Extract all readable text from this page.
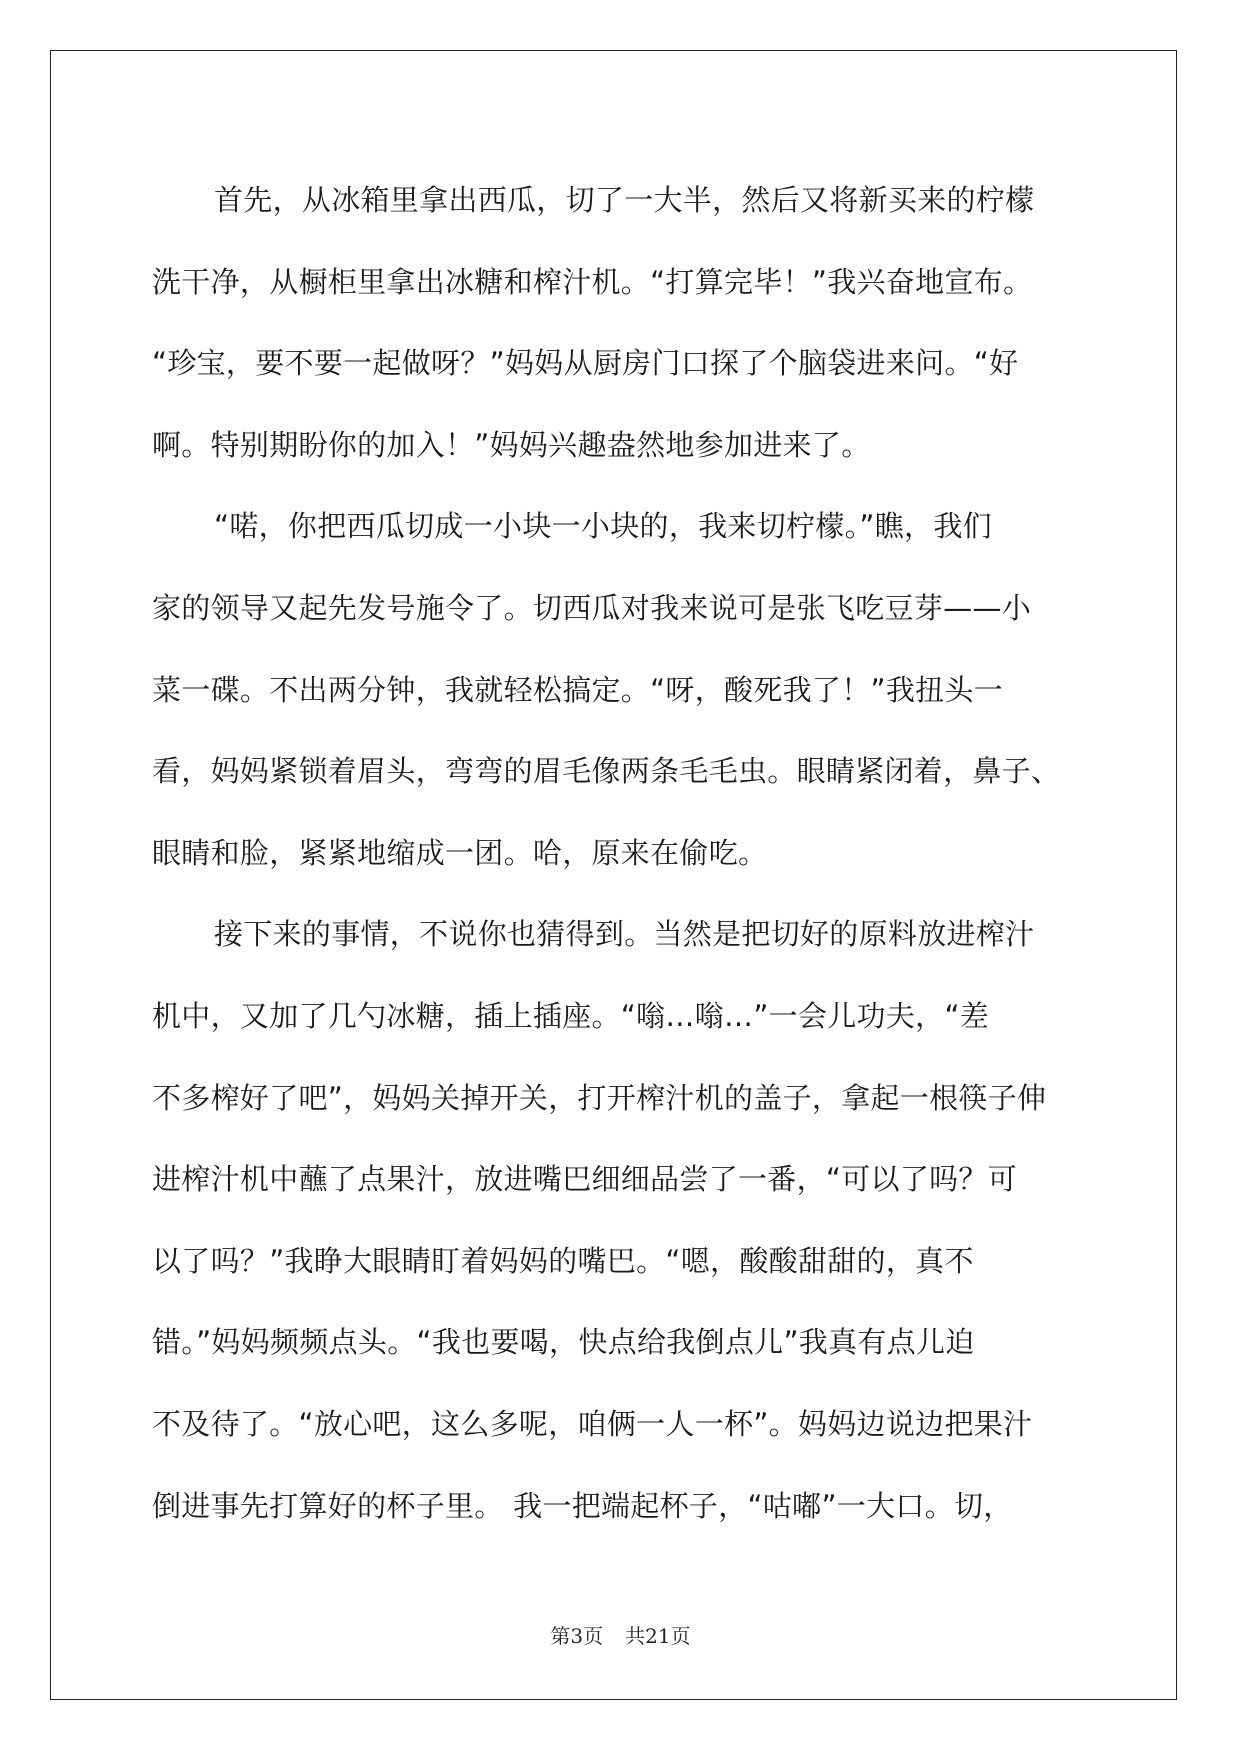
首先，从冰箱里拿出西瓜，切了一大半，然后又将新买来的柠檬
洗干净，从橱柜里拿出冰糖和榨汁机。“打算完毕！”我兴奋地宣布。
“珍宝，要不要一起做呀？”妈妈从厨房门口探了个脑袋进来问。“好
啊。特别期盼你的加入！”妈妈兴趣盎然地参加进来了。
“喏，你把西瓜切成一小块一小块的，我来切柠檬。”瞧，我们
家的领导又起先发号施令了。切西瓜对我来说可是张飞吃豆芽——小
菜一碟。不出两分钟，我就轻松搞定。“呀，酸死我了！”我扭头一
看，妈妈紧锁着眉头，弯弯的眉毛像两条毛毛虫。眼睛紧闭着，鼻子、
眼睛和脸，紧紧地缩成一团。哈，原来在偷吃。
接下来的事情，不说你也猜得到。当然是把切好的原料放进榨汁
机中，又加了几勺冰糖，插上插座。“嗡…嗡…”一会儿功夫，“差
不多榨好了吧”，妈妈关掉开关，打开榨汁机的盖子，拿起一根筷子伸
进榨汁机中蘸了点果汁，放进嘴巴细细品尝了一番，“可以了吗？可
以了吗？”我睁大眼睛盯着妈妈的嘴巴。“嗯，酸酸甜甜的，真不
错。”妈妈频频点头。“我也要喝，快点给我倒点儿”我真有点儿迫
不及待了。“放心吧，这么多呢，咱俩一人一杯”。妈妈边说边把果汁
倒进事先打算好的杯子里。 我一把端起杯子，“咕嘟”一大口。切，
第3页 共21页
